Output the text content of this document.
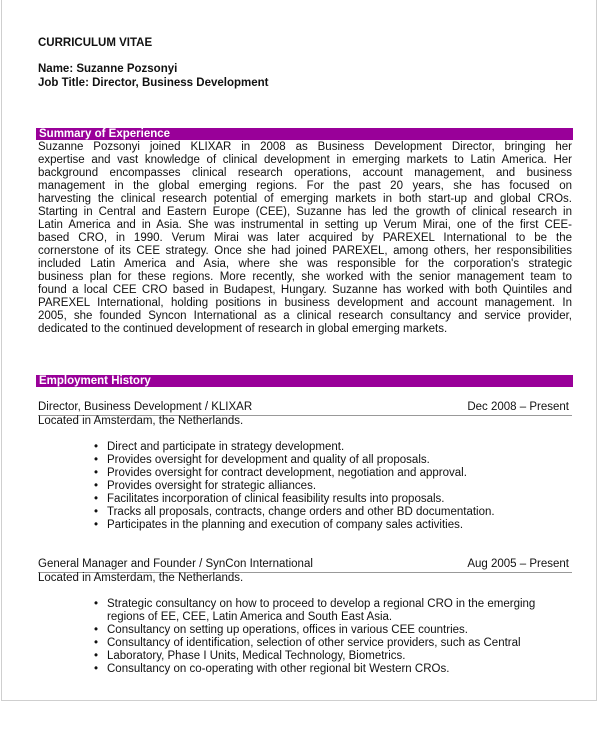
CURRICULUM VITAE
Name: Suzanne Pozsonyi
Job Title: Director, Business Development
Summary of Experience
Suzanne Pozsonyi joined KLIXAR in 2008 as Business Development Director, bringing her
expertise and vast knowledge of clinical development in emerging markets to Latin America. Her
background encompasses clinical research operations, account management, and business
management in the global emerging regions. For the past 20 years, she has focused on
harvesting the clinical research potential of emerging markets in both start-up and global CROs.
Starting in Central and Eastern Europe (CEE), Suzanne has led the growth of clinical research in
Latin America and in Asia. She was instrumental in setting up Verum Mirai, one of the first CEE-
based CRO, in 1990. Verum Mirai was later acquired by PAREXEL International to be the
cornerstone of its CEE strategy. Once she had joined PAREXEL, among others, her responsibilities
included Latin America and Asia, where she was responsible for the corporation's strategic
business plan for these regions. More recently, she worked with the senior management team to
found a local CEE CRO based in Budapest, Hungary. Suzanne has worked with both Quintiles and
PAREXEL International, holding positions in business development and account management. In
2005, she founded Syncon International as a clinical research consultancy and service provider,
dedicated to the continued development of research in global emerging markets.
Employment History
Director, Business Development / KLIXAR	Dec 2008 – Present
Located in Amsterdam, the Netherlands.
• Direct and participate in strategy development.
• Provides oversight for development and quality of all proposals.
• Provides oversight for contract development, negotiation and approval.
• Provides oversight for strategic alliances.
• Facilitates incorporation of clinical feasibility results into proposals.
• Tracks all proposals, contracts, change orders and other BD documentation.
• Participates in the planning and execution of company sales activities.
General Manager and Founder / SynCon International	Aug 2005 – Present
Located in Amsterdam, the Netherlands.
• Strategic consultancy on how to proceed to develop a regional CRO in the emerging regions of EE, CEE, Latin America and South East Asia.
• Consultancy on setting up operations, offices in various CEE countries.
• Consultancy of identification, selection of other service providers, such as Central
• Laboratory, Phase I Units, Medical Technology, Biometrics.
• Consultancy on co-operating with other regional bit Western CROs.
